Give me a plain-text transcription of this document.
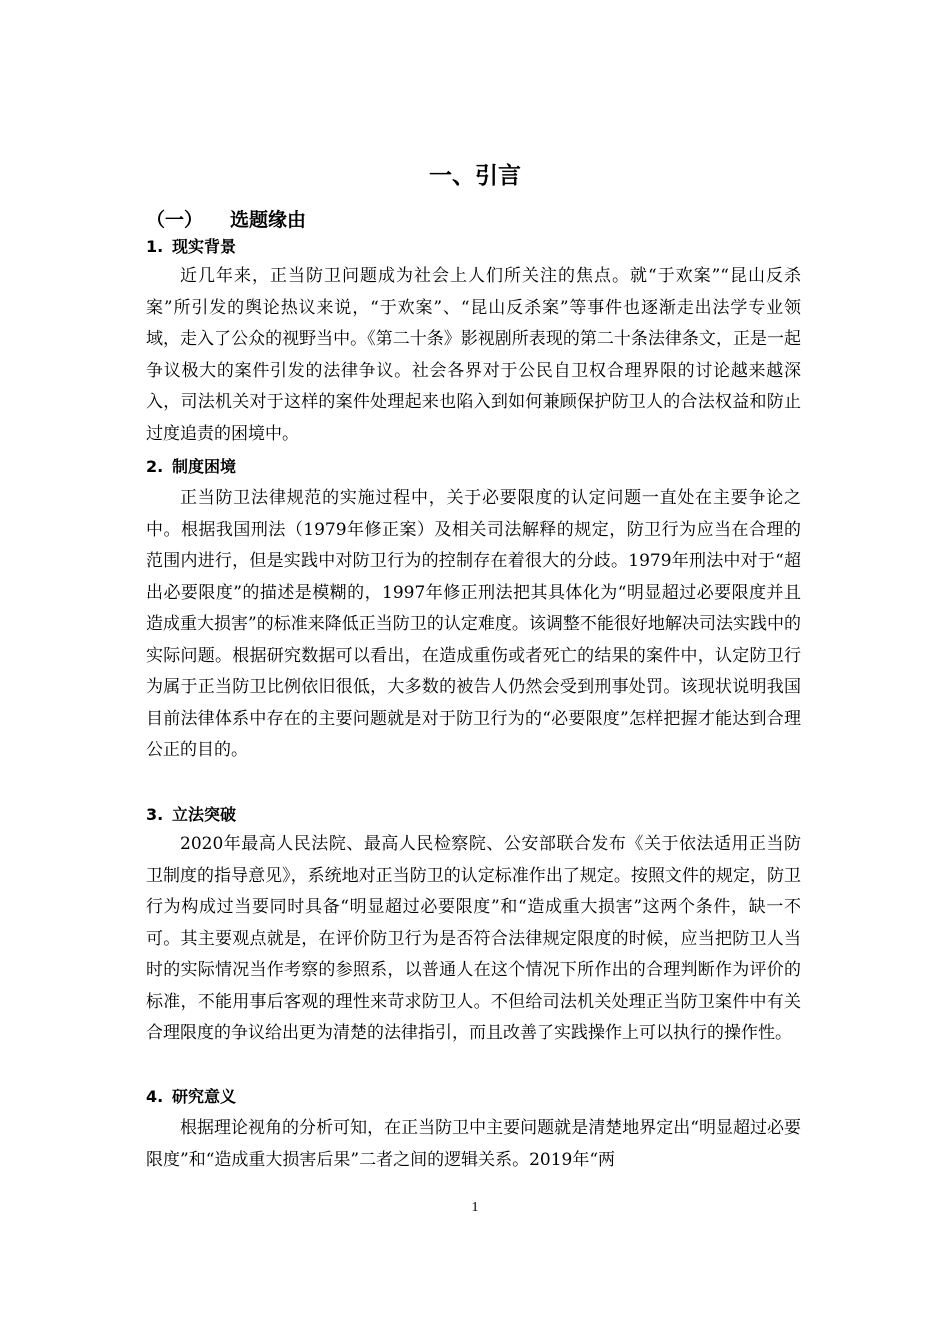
一、引言
（一） 选题缘由
1. 现实背景

近几年来，正当防卫问题成为社会上人们所关注的焦点。就“于欢案”“昆山反杀案”所引发的舆论热议来说，“于欢案”、“昆山反杀案”等事件也逐渐走出法学专业领域，走入了公众的视野当中。《第二十条》影视剧所表现的第二十条法律条文，正是一起争议极大的案件引发的法律争议。社会各界对于公民自卫权合理界限的讨论越来越深入，司法机关对于这样的案件处理起来也陷入到如何兼顾保护防卫人的合法权益和防止过度追责的困境中。

2. 制度困境

正当防卫法律规范的实施过程中，关于必要限度的认定问题一直处在主要争论之中。根据我国刑法（1979年修正案）及相关司法解释的规定，防卫行为应当在合理的范围内进行，但是实践中对防卫行为的控制存在着很大的分歧。1979年刑法中对于“超出必要限度”的描述是模糊的，1997年修正刑法把其具体化为“明显超过必要限度并且造成重大损害”的标准来降低正当防卫的认定难度。该调整不能很好地解决司法实践中的实际问题。根据研究数据可以看出，在造成重伤或者死亡的结果的案件中，认定防卫行为属于正当防卫比例依旧很低，大多数的被告人仍然会受到刑事处罚。该现状说明我国目前法律体系中存在的主要问题就是对于防卫行为的“必要限度”怎样把握才能达到合理公正的目的。

3. 立法突破

2020年最高人民法院、最高人民检察院、公安部联合发布《关于依法适用正当防卫制度的指导意见》，系统地对正当防卫的认定标准作出了规定。按照文件的规定，防卫行为构成过当要同时具备“明显超过必要限度”和“造成重大损害”这两个条件，缺一不可。其主要观点就是，在评价防卫行为是否符合法律规定限度的时候，应当把防卫人当时的实际情况当作考察的参照系，以普通人在这个情况下所作出的合理判断作为评价的标准，不能用事后客观的理性来苛求防卫人。不但给司法机关处理正当防卫案件中有关合理限度的争议给出更为清楚的法律指引，而且改善了实践操作上可以执行的操作性。

4. 研究意义

根据理论视角的分析可知，在正当防卫中主要问题就是清楚地界定出“明显超过必要限度”和“造成重大损害后果”二者之间的逻辑关系。2019年“两

1
